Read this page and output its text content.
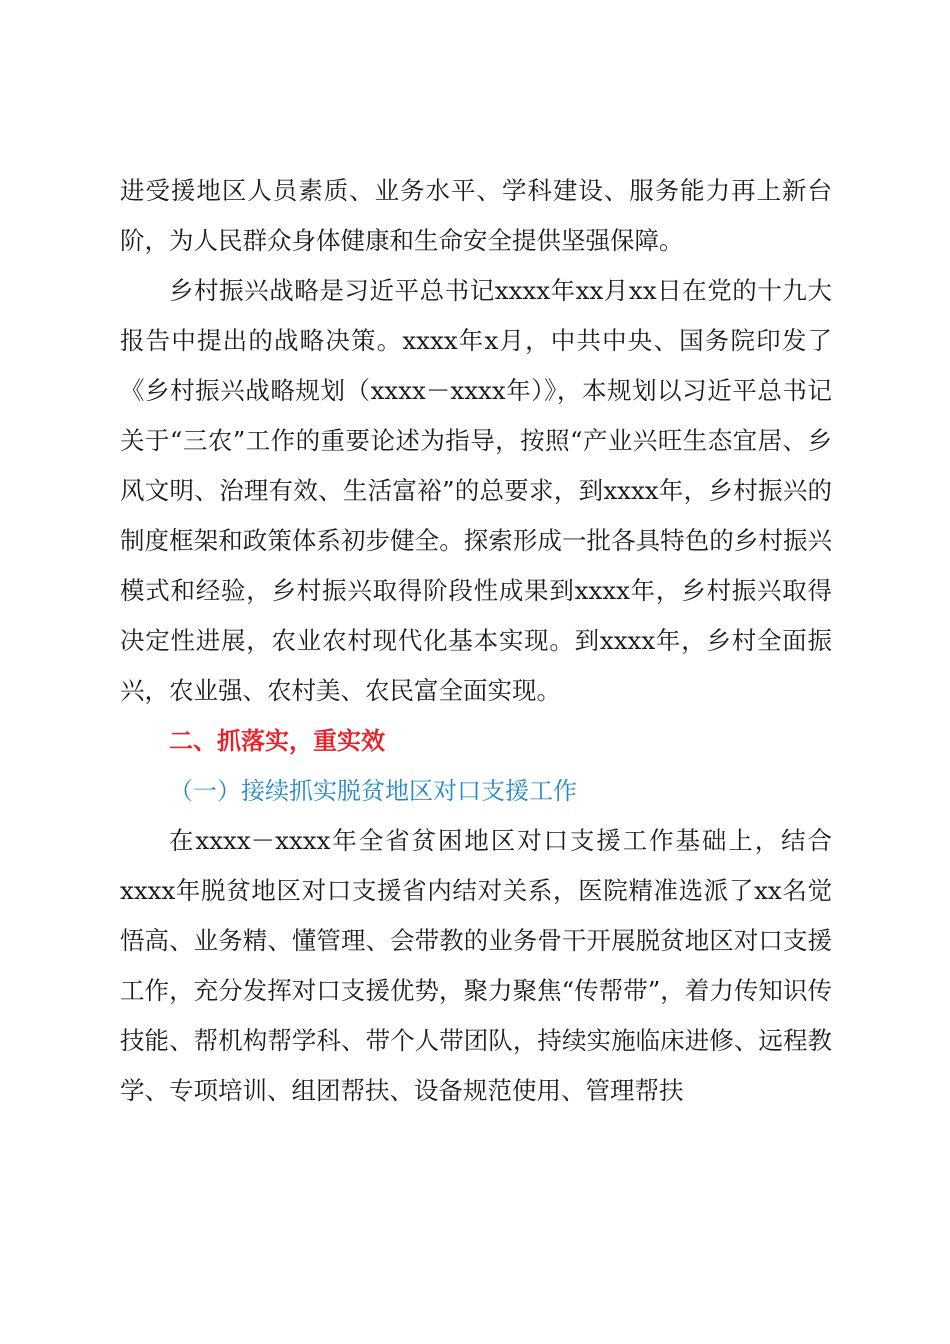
进受援地区人员素质、业务水平、学科建设、服务能力再上新台阶，为人民群众身体健康和生命安全提供坚强保障。

乡村振兴战略是习近平总书记xxxx年xx月xx日在党的十九大报告中提出的战略决策。xxxx年x月，中共中央、国务院印发了《乡村振兴战略规划（xxxx－xxxx年）》，本规划以习近平总书记关于“三农”工作的重要论述为指导，按照“产业兴旺生态宜居、乡风文明、治理有效、生活富裕”的总要求，到xxxx年，乡村振兴的制度框架和政策体系初步健全。探索形成一批各具特色的乡村振兴模式和经验，乡村振兴取得阶段性成果到xxxx年，乡村振兴取得决定性进展，农业农村现代化基本实现。到xxxx年，乡村全面振兴，农业强、农村美、农民富全面实现。

二、抓落实，重实效

（一）接续抓实脱贫地区对口支援工作

在xxxx－xxxx年全省贫困地区对口支援工作基础上，结合xxxx年脱贫地区对口支援省内结对关系，医院精准选派了xx名觉悟高、业务精、懂管理、会带教的业务骨干开展脱贫地区对口支援工作，充分发挥对口支援优势，聚力聚焦“传帮带”，着力传知识传技能、帮机构帮学科、带个人带团队，持续实施临床进修、远程教学、专项培训、组团帮扶、设备规范使用、管理帮扶
